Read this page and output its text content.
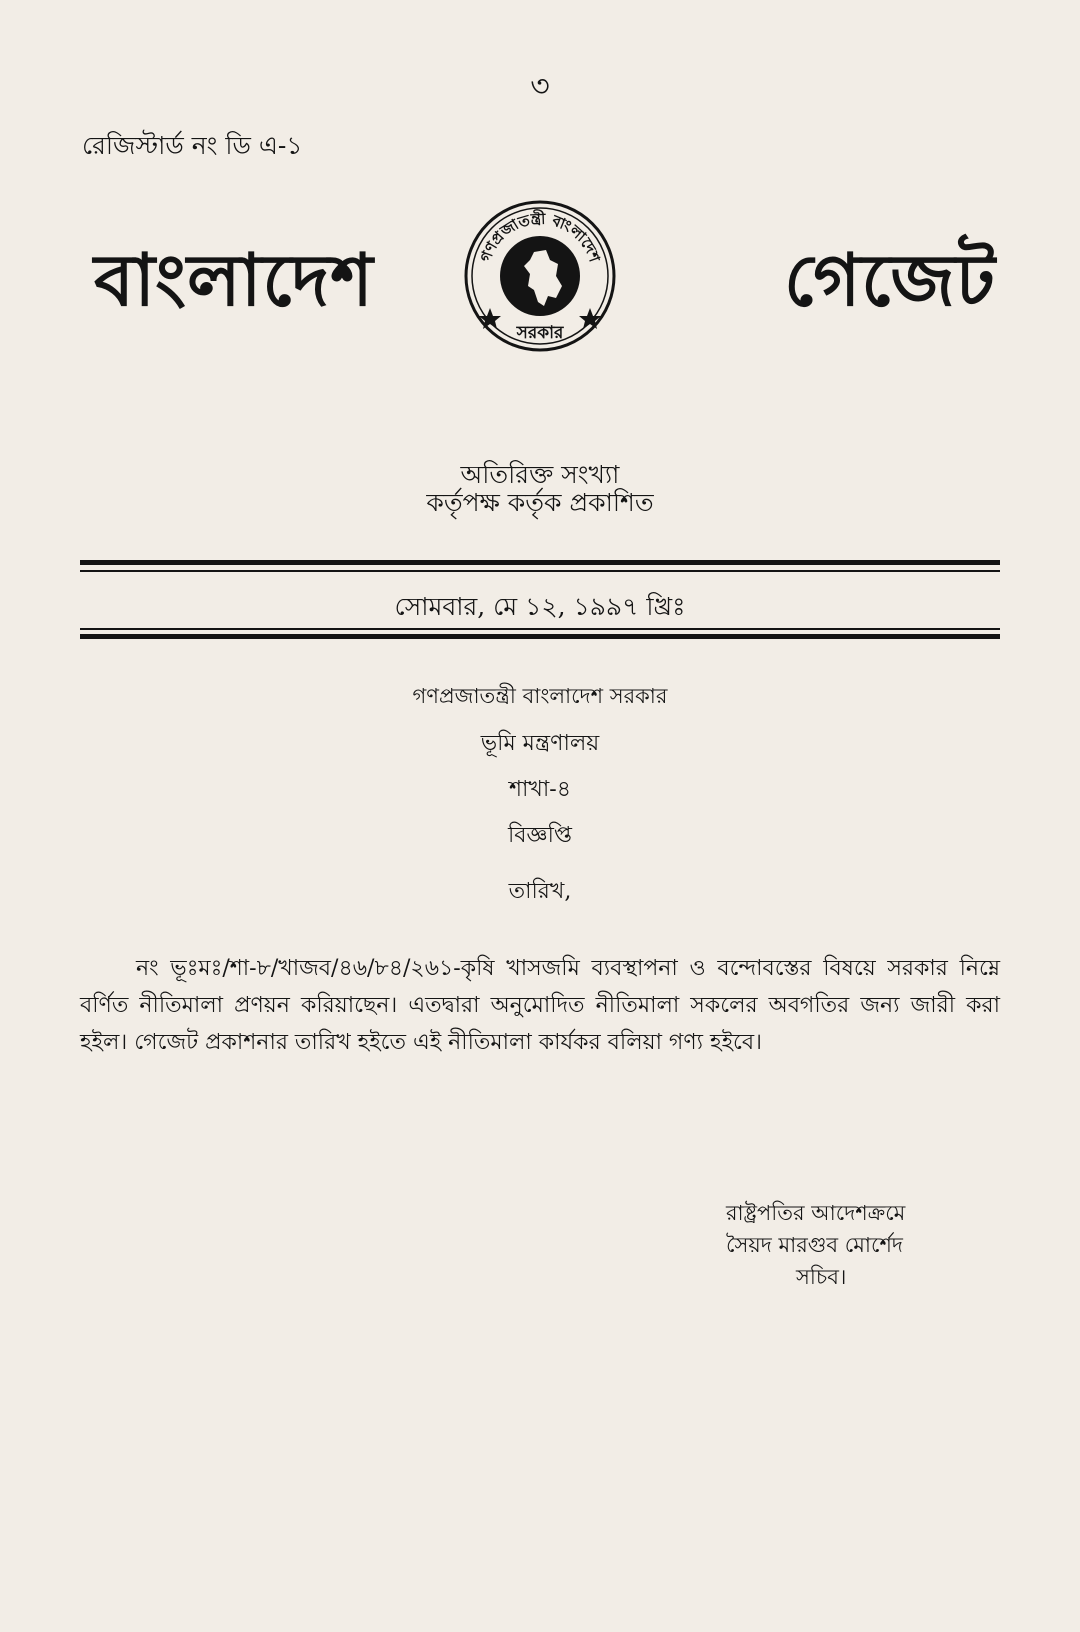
৩
রেজিস্টার্ড নং ডি এ-১
বাংলাদেশ	গেজেট
গণপ্রজাতন্ত্রী বাংলাদেশ
সরকার
অতিরিক্ত সংখ্যা
কর্তৃপক্ষ কর্তৃক প্রকাশিত
সোমবার, মে ১২, ১৯৯৭ খ্রিঃ
গণপ্রজাতন্ত্রী বাংলাদেশ সরকার
ভূমি মন্ত্রণালয়
শাখা-৪
বিজ্ঞপ্তি
তারিখ,
নং ভূঃমঃ/শা-৮/খাজব/৪৬/৮৪/২৬১-কৃষি খাসজমি ব্যবস্থাপনা ও বন্দোবস্তের বিষয়ে সরকার নিম্নে বর্ণিত নীতিমালা প্রণয়ন করিয়াছেন। এতদ্বারা অনুমোদিত নীতিমালা সকলের অবগতির জন্য জারী করা হইল। গেজেট প্রকাশনার তারিখ হইতে এই নীতিমালা কার্যকর বলিয়া গণ্য হইবে।
রাষ্ট্রপতির আদেশক্রমে
সৈয়দ মারগুব মোর্শেদ
সচিব।
